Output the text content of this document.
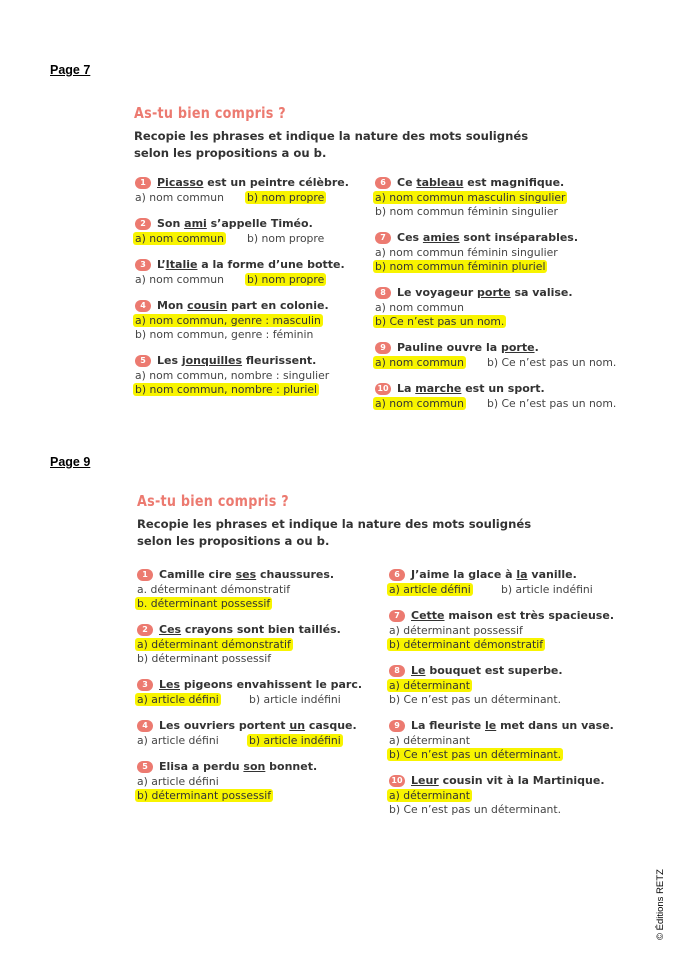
Page 7
As-tu bien compris ?
Recopie les phrases et indique la nature des mots soulignés
selon les propositions a ou b.
1 Picasso est un peintre célèbre.
a) nom commun b) nom propre
2 Son ami s’appelle Timéo.
a) nom commun b) nom propre
3 L’Italie a la forme d’une botte.
a) nom commun b) nom propre
4 Mon cousin part en colonie.
a) nom commun, genre : masculin
b) nom commun, genre : féminin
5 Les jonquilles fleurissent.
a) nom commun, nombre : singulier
b) nom commun, nombre : pluriel
6 Ce tableau est magnifique.
a) nom commun masculin singulier
b) nom commun féminin singulier
7 Ces amies sont inséparables.
a) nom commun féminin singulier
b) nom commun féminin pluriel
8 Le voyageur porte sa valise.
a) nom commun
b) Ce n’est pas un nom.
9 Pauline ouvre la porte.
a) nom commun b) Ce n’est pas un nom.
10 La marche est un sport.
a) nom commun b) Ce n’est pas un nom.
Page 9
As-tu bien compris ?
Recopie les phrases et indique la nature des mots soulignés
selon les propositions a ou b.
1 Camille cire ses chaussures.
a. déterminant démonstratif
b. déterminant possessif
2 Ces crayons sont bien taillés.
a) déterminant démonstratif
b) déterminant possessif
3 Les pigeons envahissent le parc.
a) article défini	b) article indéfini
4 Les ouvriers portent un casque.
a) article défini	b) article indéfini
5 Elisa a perdu son bonnet.
a) article défini
b) déterminant possessif
6 J’aime la glace à la vanille.
a) article défini	b) article indéfini
7 Cette maison est très spacieuse.
a) déterminant possessif
b) déterminant démonstratif
8 Le bouquet est superbe.
a) déterminant
b) Ce n’est pas un déterminant.
9 La fleuriste le met dans un vase.
a) déterminant
b) Ce n’est pas un déterminant.
10 Leur cousin vit à la Martinique.
a) déterminant
b) Ce n’est pas un déterminant.
© Éditions RETZ
